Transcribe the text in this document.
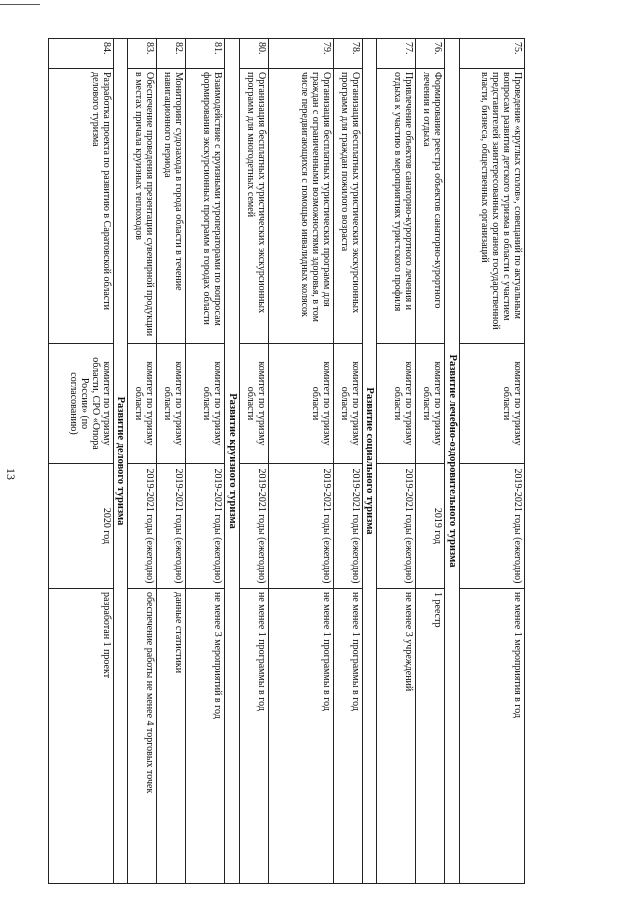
13
75.	Проведение «круглых столов», совещаний по актуальным вопросам развития детского туризма в области с участием представителей заинтересованных органов государственной власти, бизнеса, общественных организаций	комитет по туризму области	2019-2021 годы (ежегодно)	не менее 1 мероприятия в год
Развитие лечебно-оздоровительного туризма				
76.	Формирование реестра объектов санаторно-курортного лечения и отдыха	комитет по туризму области	2019 год	1 реестр
77.	Привлечение объектов санаторно-курортного лечения и отдыха к участию в мероприятиях туристского профиля	комитет по туризму области	2019-2021 годы (ежегодно)	не менее 3 учреждений
Развитие социального туризма				
78.	Организация бесплатных туристических экскурсионных программ для граждан пожилого возраста	комитет по туризму области	2019-2021 годы (ежегодно)	не менее 1 программы в год
79.	Организация бесплатных туристических программ для граждан с ограниченными возможностями здоровья, в том числе передвигающихся с помощью инвалидных колясок	комитет по туризму области	2019-2021 годы (ежегодно)	не менее 1 программы в год
80.	Организация бесплатных туристических экскурсионных программ для многодетных семей	комитет по туризму области	2019-2021 годы (ежегодно)	не менее 1 программы в год
Развитие круизного туризма				
81.	Взаимодействие с круизными туроператорами по вопросам формирования экскурсионных программ в городах области	комитет по туризму области	2019-2021 годы (ежегодно)	не менее 3 мероприятий в год
82.	Мониторинг судозахода в города области в течение навигационного периода	комитет по туризму области	2019-2021 годы (ежегодно)	данные статистики
83.	Обеспечение проведения презентации сувенирной продукции в местах причала круизных теплоходов	комитет по туризму области	2019-2021 годы (ежегодно)	обеспечение работы не менее 4 торговых точек
Развитие делового туризма				
84.	Разработка проекта по развитию в Саратовской области делового туризма	комитет по туризму области, СРО «Опора России» (по согласованию)	2020 год	разработан 1 проект
